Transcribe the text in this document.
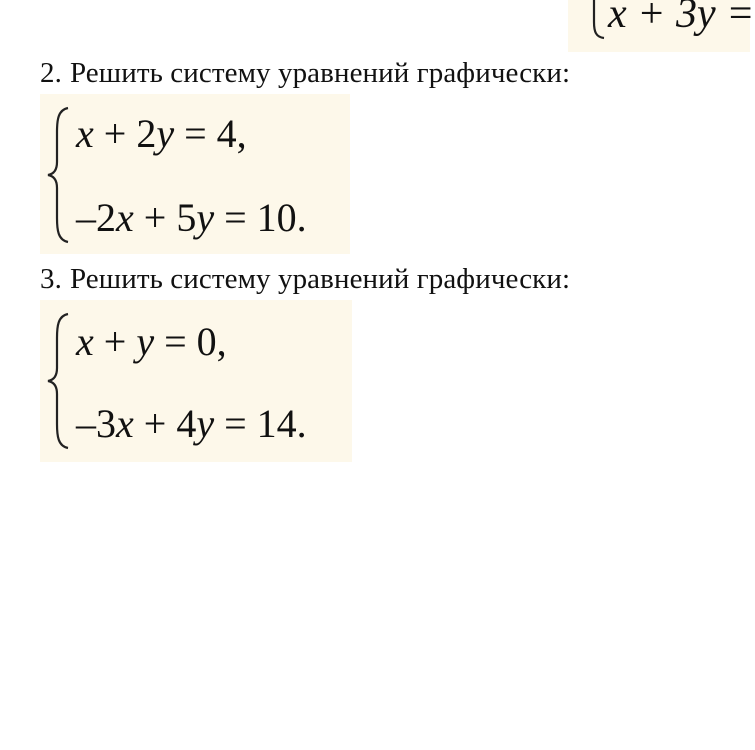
x + 3y =
2. Решить систему уравнений графически:
x + 2y = 4,
–2x + 5y = 10.
3. Решить систему уравнений графически:
x + y = 0,
–3x + 4y = 14.
